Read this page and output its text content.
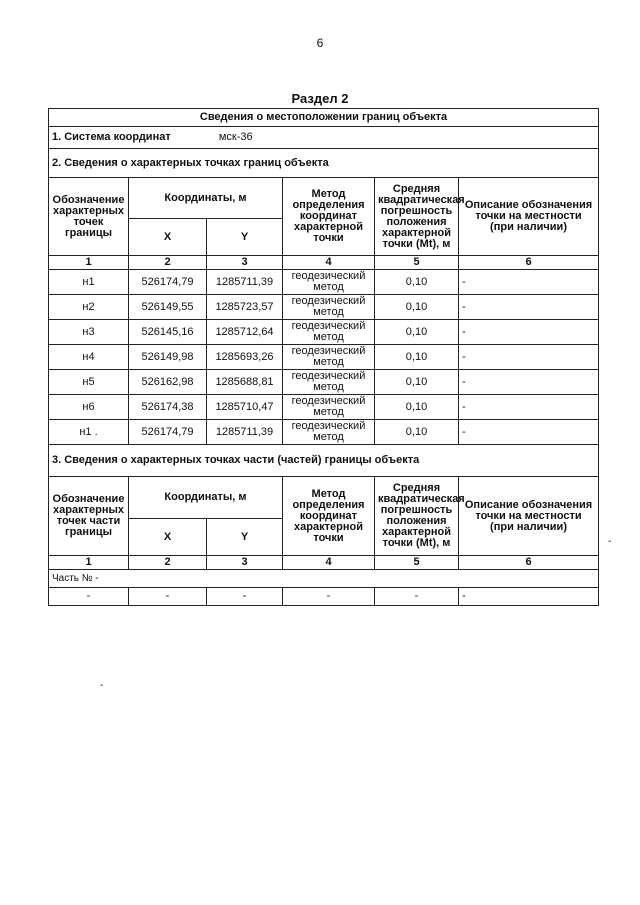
6
Раздел 2
Сведения о местоположении границ объекта					
1. Система координат мск-36					
2. Сведения о характерных точках границ объекта					
Обозначение характерных точек границы	Координаты, м		Метод определения координат характерной точки	Средняя квадратическая погрешность положения характерной точки (Mt), м	Описание обозначения точки на местности (при наличии)
	X	Y			
1	2	3	4	5	6
н1	526174,79	1285711,39	геодезический метод	0,10	-
н2	526149,55	1285723,57	геодезический метод	0,10	-
н3	526145,16	1285712,64	геодезический метод	0,10	-
н4	526149,98	1285693,26	геодезический метод	0,10	-
н5	526162,98	1285688,81	геодезический метод	0,10	-
н6	526174,38	1285710,47	геодезический метод	0,10	-
н1 .	526174,79	1285711,39	геодезический метод	0,10	-
3. Сведения о характерных точках части (частей) границы объекта					
Обозначение характерных точек части границы	Координаты, м		Метод определения координат характерной точки	Средняя квадратическая погрешность положения характерной точки (Mt), м	Описание обозначения точки на местности (при наличии)
	X	Y			
1	2	3	4	5	6
Часть № -					
-	-	-	-	-	-
-
-
